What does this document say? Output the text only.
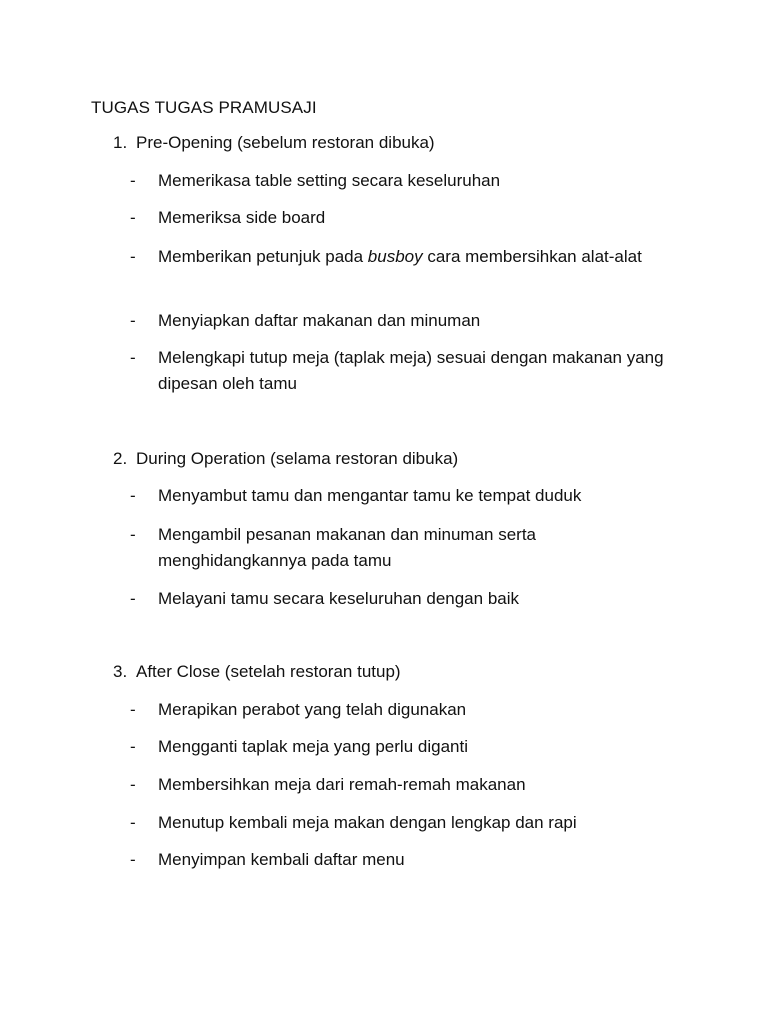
TUGAS TUGAS PRAMUSAJI
1. Pre-Opening (sebelum restoran dibuka)
- Memerikasa table setting secara keseluruhan
- Memeriksa side board
- Memberikan petunjuk pada busboy cara membersihkan alat-alat
- Menyiapkan daftar makanan dan minuman
- Melengkapi tutup meja (taplak meja) sesuai dengan makanan yang dipesan oleh tamu
2. During Operation (selama restoran dibuka)
- Menyambut tamu dan mengantar tamu ke tempat duduk
- Mengambil pesanan makanan dan minuman serta menghidangkannya pada tamu
- Melayani tamu secara keseluruhan dengan baik
3. After Close (setelah restoran tutup)
- Merapikan perabot yang telah digunakan
- Mengganti taplak meja yang perlu diganti
- Membersihkan meja dari remah-remah makanan
- Menutup kembali meja makan dengan lengkap dan rapi
- Menyimpan kembali daftar menu
